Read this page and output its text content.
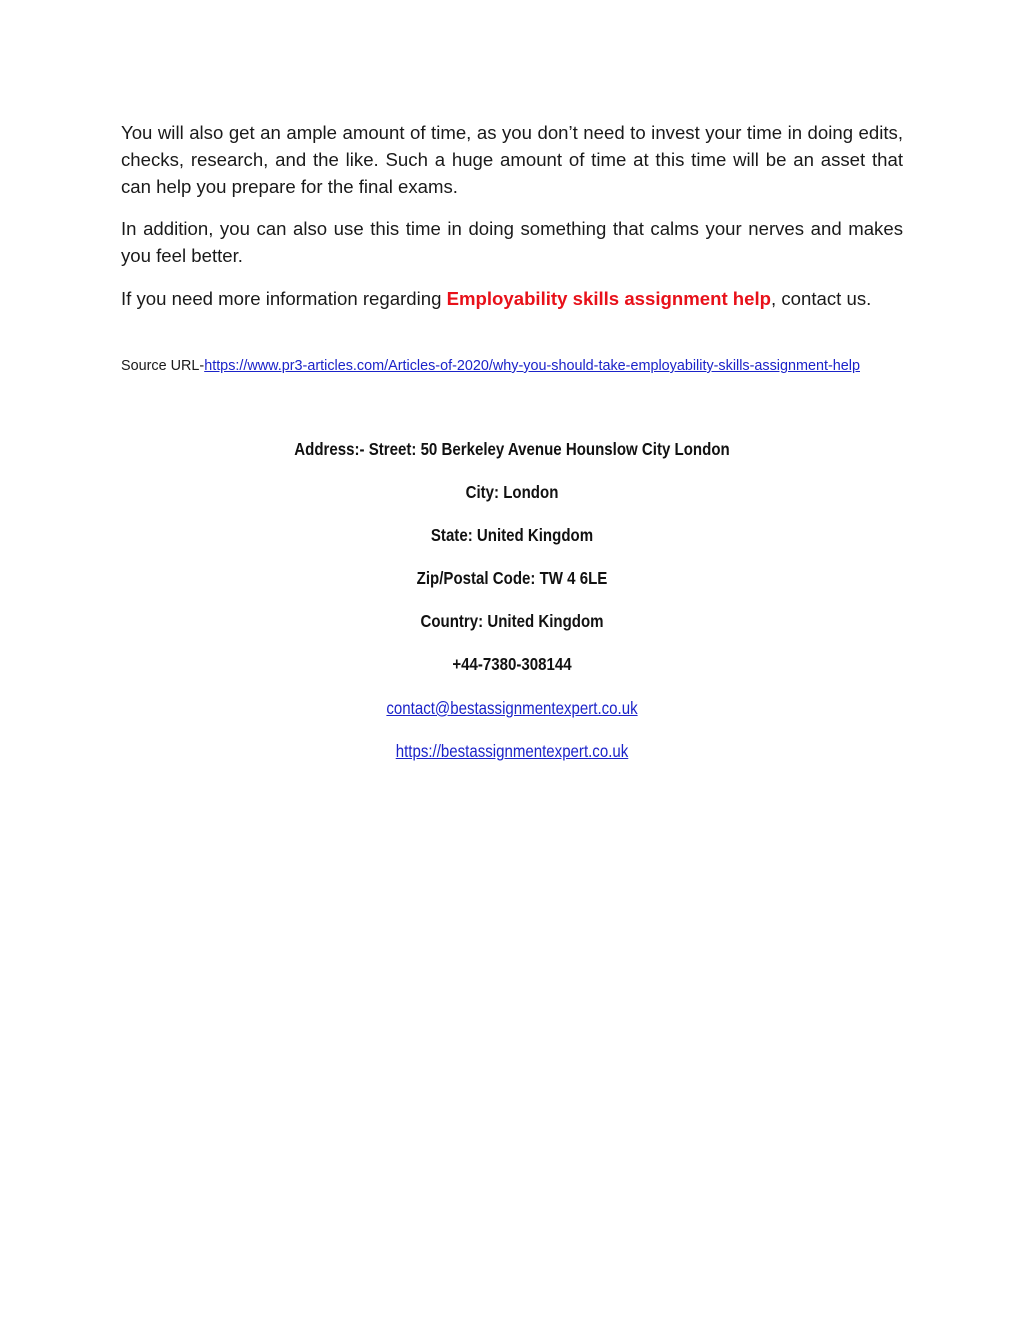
You will also get an ample amount of time, as you don’t need to invest your time in doing edits, checks, research, and the like. Such a huge amount of time at this time will be an asset that can help you prepare for the final exams.

In addition, you can also use this time in doing something that calms your nerves and makes you feel better.

If you need more information regarding Employability skills assignment help, contact us.

Source URL-https://www.pr3-articles.com/Articles-of-2020/why-you-should-take-employability-skills-assignment-help

Address:- Street: 50 Berkeley Avenue Hounslow City London

City: London

State: United Kingdom

Zip/Postal Code: TW 4 6LE

Country: United Kingdom

+44-7380-308144

contact@bestassignmentexpert.co.uk

https://bestassignmentexpert.co.uk
